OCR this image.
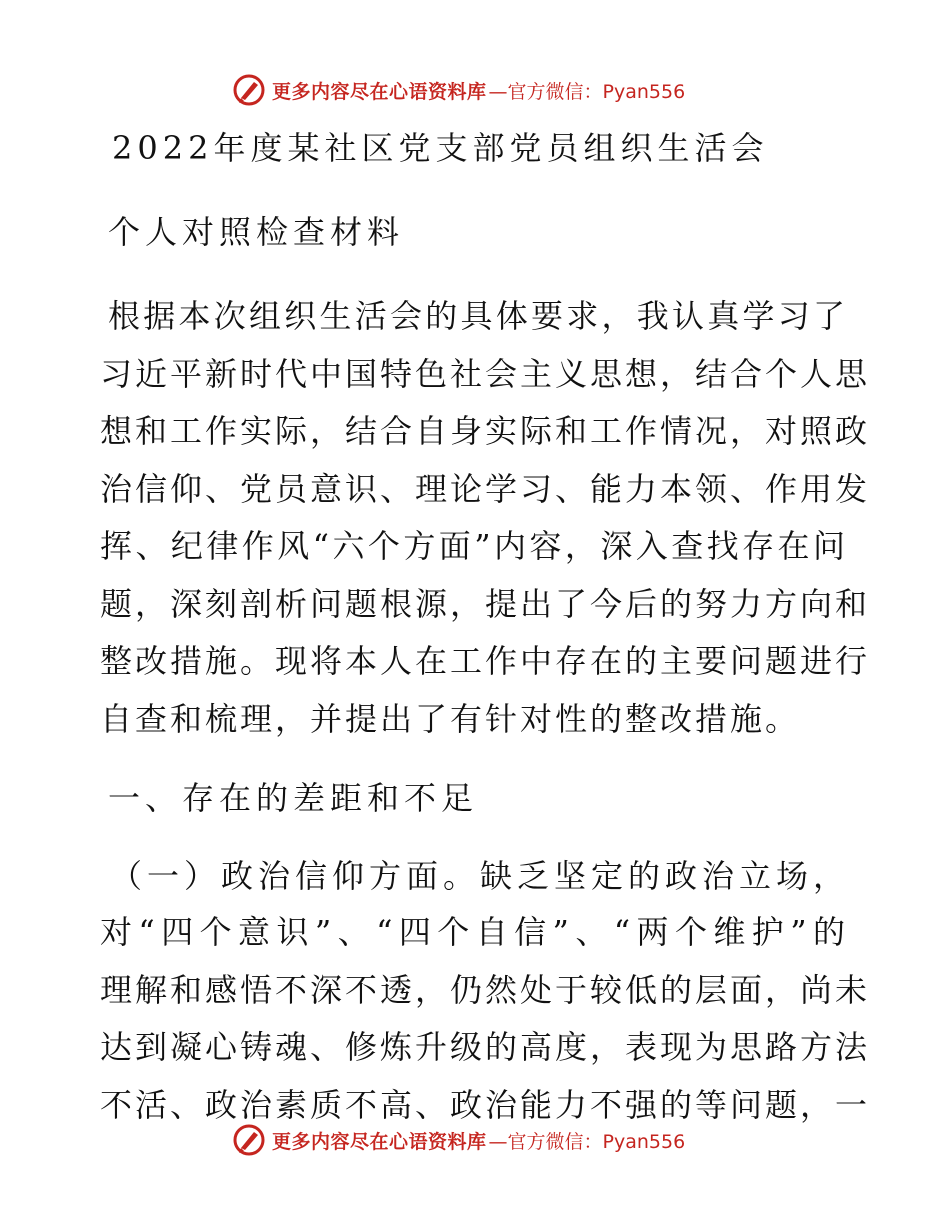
更多内容尽在心语资料库 —官方微信：Pyan556
2022年度某社区党支部党员组织生活会
个人对照检查材料
根据本次组织生活会的具体要求，我认真学习了
习近平新时代中国特色社会主义思想，结合个人思
想和工作实际，结合自身实际和工作情况，对照政
治信仰、党员意识、理论学习、能力本领、作用发
挥、纪律作风“六个方面”内容，深入查找存在问
题，深刻剖析问题根源，提出了今后的努力方向和
整改措施。现将本人在工作中存在的主要问题进行
自查和梳理，并提出了有针对性的整改措施。
一、存在的差距和不足
（一）政治信仰方面。缺乏坚定的政治立场，
对“四个意识”、“四个自信”、“两个维护”的
理解和感悟不深不透，仍然处于较低的层面，尚未
达到凝心铸魂、修炼升级的高度，表现为思路方法
不活、政治素质不高、政治能力不强的等问题，一
更多内容尽在心语资料库 —官方微信：Pyan556
